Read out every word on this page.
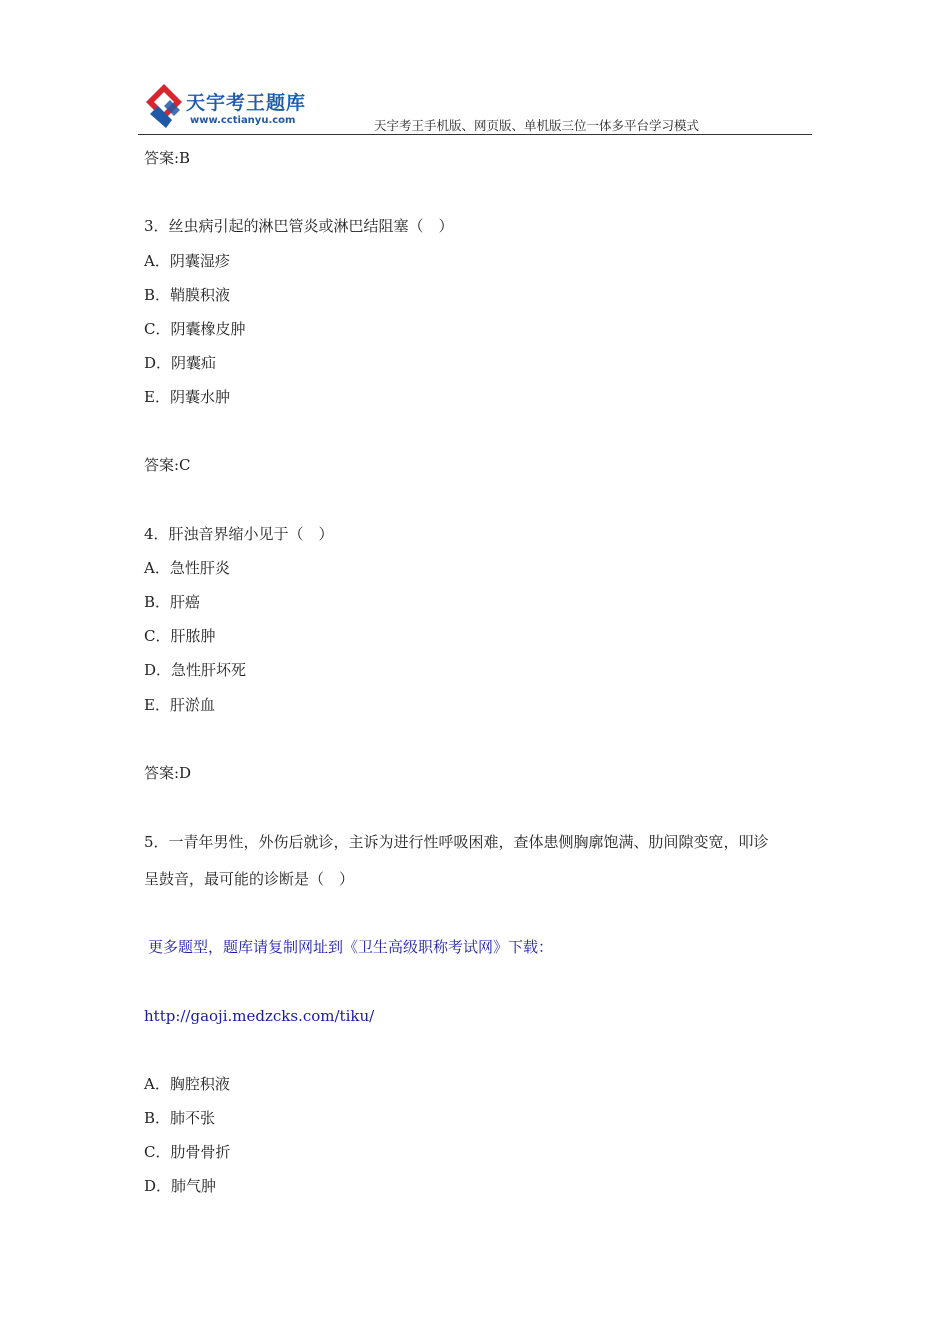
天宇考王题库
www.cctianyu.com	天宇考王手机版、网页版、单机版三位一体多平台学习模式
答案:B
3．丝虫病引起的淋巴管炎或淋巴结阻塞（　）
A．阴囊湿疹
B．鞘膜积液
C．阴囊橡皮肿
D．阴囊疝
E．阴囊水肿
答案:C
4．肝浊音界缩小见于（　）
A．急性肝炎
B．肝癌
C．肝脓肿
D．急性肝坏死
E．肝淤血
答案:D
5．一青年男性，外伤后就诊，主诉为进行性呼吸困难，查体患侧胸廓饱满、肋间隙变宽，叩诊
呈鼓音，最可能的诊断是（　）
更多题型，题库请复制网址到《卫生高级职称考试网》下载：
http://gaoji.medzcks.com/tiku/
A．胸腔积液
B．肺不张
C．肋骨骨折
D．肺气肿
